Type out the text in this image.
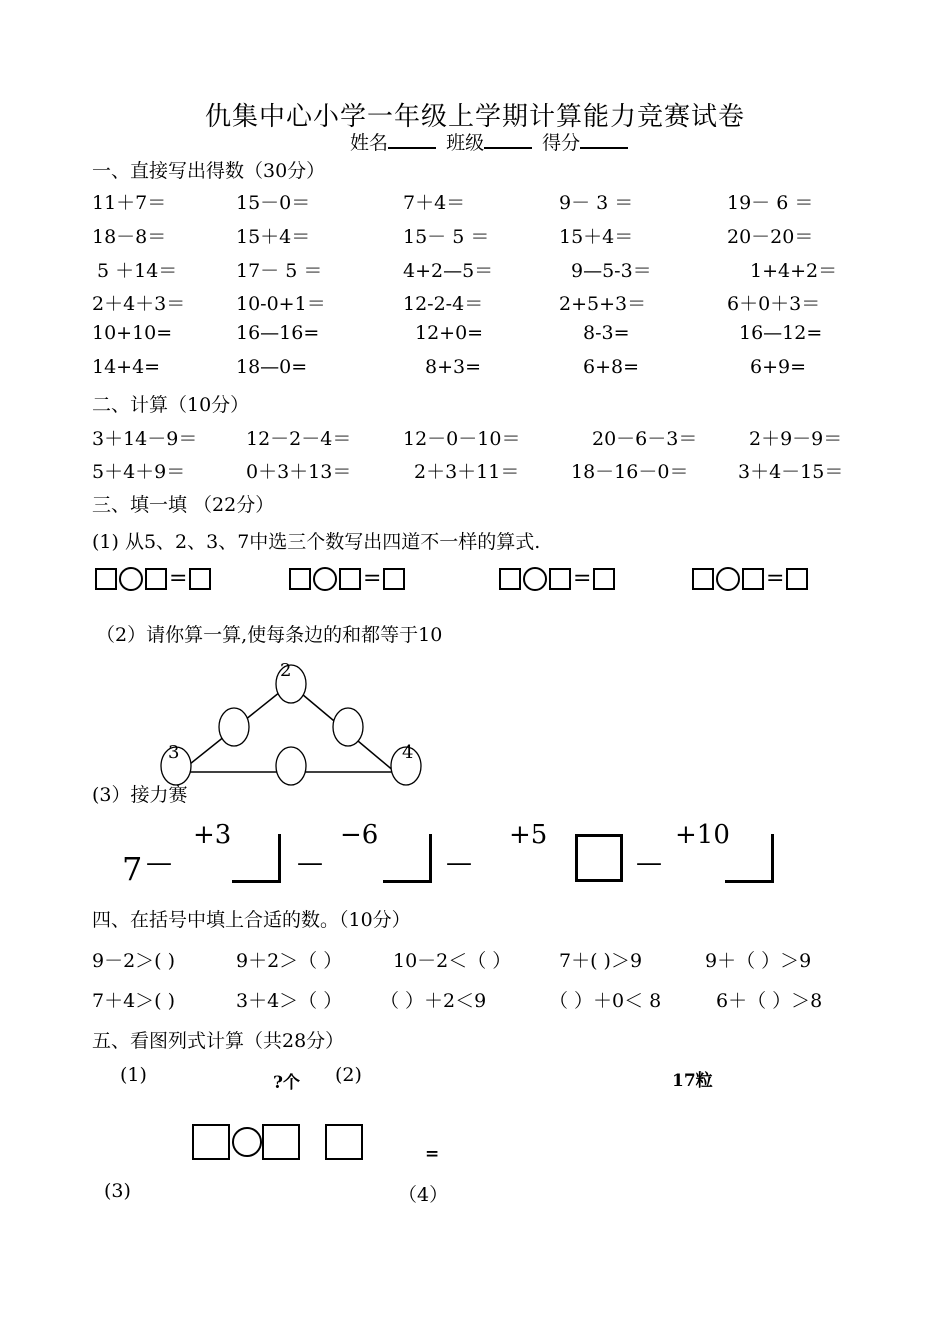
仇集中心小学一年级上学期计算能力竞赛试卷
姓名	班级	得分
一、直接写出得数（30分）
11＋7＝	15－0＝	7＋4＝	9－ 3 ＝	19－ 6 ＝
18－8＝	15＋4＝	15－ 5 ＝	15＋4＝	20－20＝
5 ＋14＝	17－ 5 ＝	4+2—5＝	9—5-3＝	1+4+2＝
2＋4＋3＝	10-0+1＝	12-2-4＝	2+5+3＝	6＋0＋3＝
10+10=	16—16=	12+0=	8-3=	16—12=
14+4=	18—0=	8+3=	6+8=	6+9=
二、计算（10分）
3＋14－9＝	12－2－4＝	12－0－10＝	20－6－3＝	2＋9－9＝
5＋4＋9＝	0＋3＋13＝	2＋3＋11＝	18－16－0＝	3＋4－15＝
三、填一填 （22分）
(1) 从5、2、3、7中选三个数写出四道不一样的算式.
=	=	=	=
（2）请你算一算,使每条边的和都等于10
2
3	4
(3）接力赛
7 —
+3
—
−6
—
+5
—
+10
四、在括号中填上合适的数。（10分）
9－2＞( )	9＋2＞（ ）	10－2＜（ ）	7＋( )＞9	9＋（ ）＞9
7＋4＞( )	3＋4＞（ ） （ ）＋2＜9	（ ）＋0＜ 8	6＋（ ）＞8
五、看图列式计算（共28分）
(1)	?个 (2)	17粒
=
(3)	（4）
